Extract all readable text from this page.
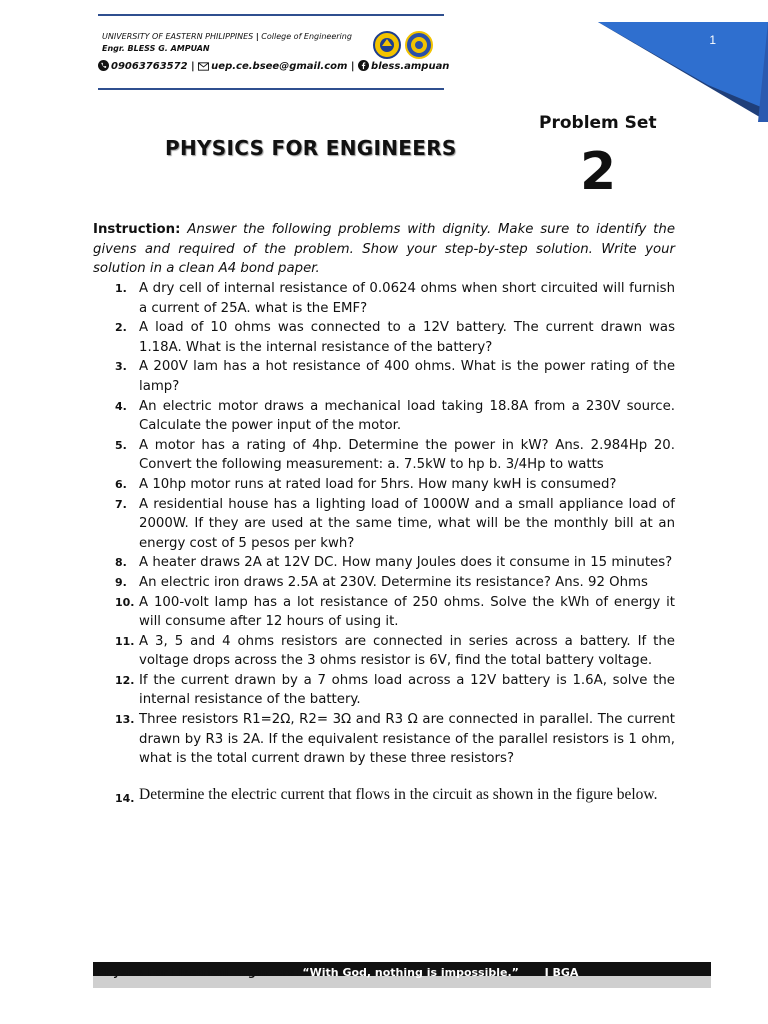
UNIVERSITY OF EASTERN PHILIPPINES | College of Engineering
Engr. BLESS G. AMPUAN
09063763572 | uep.ce.bsee@gmail.com | bless.ampuan
1
Problem Set
2
PHYSICS FOR ENGINEERS
Instruction: Answer the following problems with dignity. Make sure to identify the givens and required of the problem. Show your step-by-step solution. Write your solution in a clean A4 bond paper.
1. A dry cell of internal resistance of 0.0624 ohms when short circuited will furnish a current of 25A. what is the EMF?
2. A load of 10 ohms was connected to a 12V battery. The current drawn was 1.18A. What is the internal resistance of the battery?
3. A 200V lam has a hot resistance of 400 ohms. What is the power rating of the lamp?
4. An electric motor draws a mechanical load taking 18.8A from a 230V source. Calculate the power input of the motor.
5. A motor has a rating of 4hp. Determine the power in kW? Ans. 2.984Hp 20. Convert the following measurement: a. 7.5kW to hp b. 3/4Hp to watts
6. A 10hp motor runs at rated load for 5hrs. How many kwH is consumed?
7. A residential house has a lighting load of 1000W and a small appliance load of 2000W. If they are used at the same time, what will be the monthly bill at an energy cost of 5 pesos per kwh?
8. A heater draws 2A at 12V DC. How many Joules does it consume in 15 minutes?
9. An electric iron draws 2.5A at 230V. Determine its resistance? Ans. 92 Ohms
10. A 100-volt lamp has a lot resistance of 250 ohms. Solve the kWh of energy it will consume after 12 hours of using it.
11. A 3, 5 and 4 ohms resistors are connected in series across a battery. If the voltage drops across the 3 ohms resistor is 6V, find the total battery voltage.
12. If the current drawn by a 7 ohms load across a 12V battery is 1.6A, solve the internal resistance of the battery.
13. Three resistors R1=2Ω, R2= 3Ω and R3 Ω are connected in parallel. The current drawn by R3 is 2A. If the equivalent resistance of the parallel resistors is 1 ohm, what is the total current drawn by these three resistors?
14. Determine the electric current that flows in the circuit as shown in the figure below.
Physics For Electrical Engineers: “With God, nothing is impossible.” I BGA
